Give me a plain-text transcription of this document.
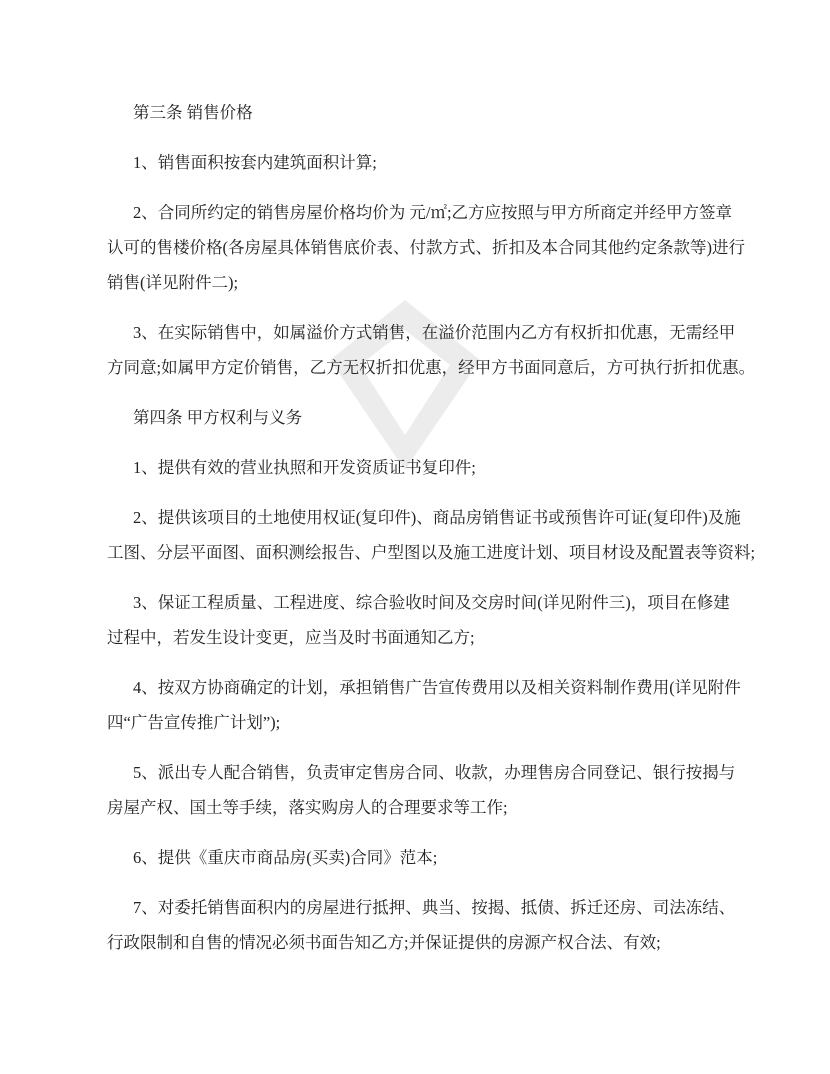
第三条 销售价格
1、销售面积按套内建筑面积计算;
2、合同所约定的销售房屋价格均价为 元/㎡;乙方应按照与甲方所商定并经甲方签章
认可的售楼价格(各房屋具体销售底价表、付款方式、折扣及本合同其他约定条款等)进行
销售(详见附件二);
3、在实际销售中，如属溢价方式销售，在溢价范围内乙方有权折扣优惠，无需经甲
方同意;如属甲方定价销售，乙方无权折扣优惠，经甲方书面同意后，方可执行折扣优惠。
第四条 甲方权利与义务
1、提供有效的营业执照和开发资质证书复印件;
2、提供该项目的土地使用权证(复印件)、商品房销售证书或预售许可证(复印件)及施
工图、分层平面图、面积测绘报告、户型图以及施工进度计划、项目材设及配置表等资料;
3、保证工程质量、工程进度、综合验收时间及交房时间(详见附件三)，项目在修建
过程中，若发生设计变更，应当及时书面通知乙方;
4、按双方协商确定的计划，承担销售广告宣传费用以及相关资料制作费用(详见附件
四“广告宣传推广计划”);
5、派出专人配合销售，负责审定售房合同、收款，办理售房合同登记、银行按揭与
房屋产权、国土等手续，落实购房人的合理要求等工作;
6、提供《重庆市商品房(买卖)合同》范本;
7、对委托销售面积内的房屋进行抵押、典当、按揭、抵债、拆迁还房、司法冻结、
行政限制和自售的情况必须书面告知乙方;并保证提供的房源产权合法、有效;
